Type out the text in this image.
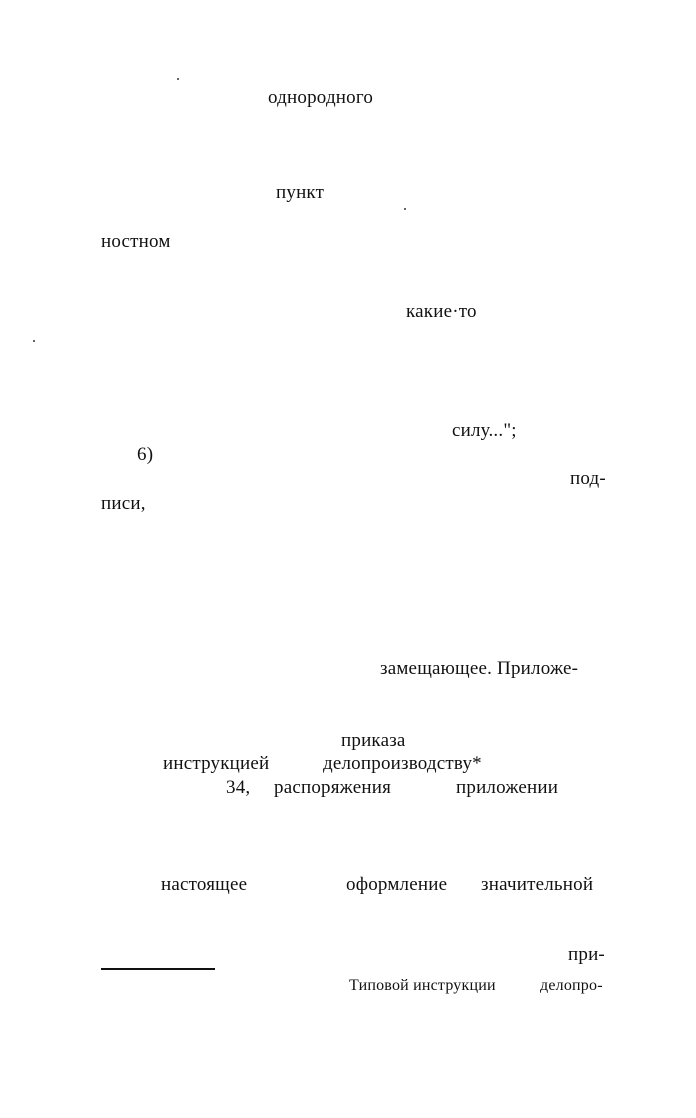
однородного
пункт
ностном
какие·то
силу...";
6)
под-
писи,
замещающее. Приложе-
приказа
инструкцией	делопроизводству*
34, распоряжения	приложении
настоящее	оформление значительной
при-
Типовой инструкции	делопро-
